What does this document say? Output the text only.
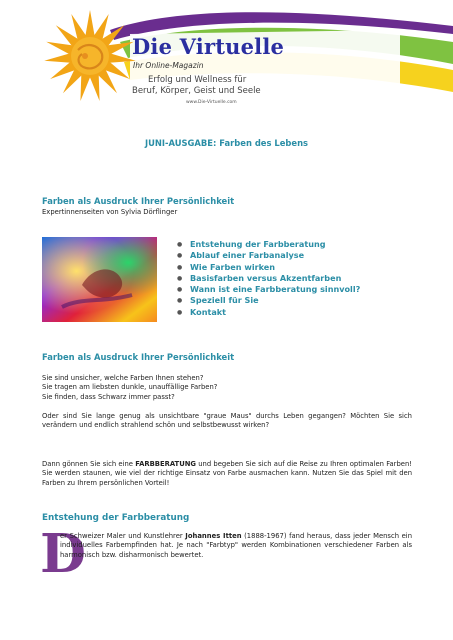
Die Virtuelle
Ihr Online-Magazin
Erfolg und Wellness für
Beruf, Körper, Geist und Seele
www.Die-Virtuelle.com
JUNI-AUSGABE: Farben des Lebens
Farben als Ausdruck Ihrer Persönlichkeit
Expertinnenseiten von Sylvia Dörflinger
● Entstehung der Farbberatung
● Ablauf einer Farbanalyse
● Wie Farben wirken
● Basisfarben versus Akzentfarben
● Wann ist eine Farbberatung sinnvoll?
● Speziell für Sie
● Kontakt
Farben als Ausdruck Ihrer Persönlichkeit
Sie sind unsicher, welche Farben Ihnen stehen?
Sie tragen am liebsten dunkle, unauffällige Farben?
Sie finden, dass Schwarz immer passt?
Oder sind Sie lange genug als unsichtbare "graue Maus" durchs Leben gegangen? Möchten Sie sich verändern und endlich strahlend schön und selbstbewusst wirken?
Dann gönnen Sie sich eine FARBBERATUNG und begeben Sie sich auf die Reise zu Ihren optimalen Farben! Sie werden staunen, wie viel der richtige Einsatz von Farbe ausmachen kann. Nutzen Sie das Spiel mit den Farben zu Ihrem persönlichen Vorteil!
Entstehung der Farbberatung
D
er Schweizer Maler und Kunstlehrer Johannes Itten (1888-1967) fand heraus, dass jeder Mensch ein individuelles Farbempfinden hat. Je nach "Farbtyp" werden Kombinationen verschiedener Farben als harmonisch bzw. disharmonisch bewertet.
